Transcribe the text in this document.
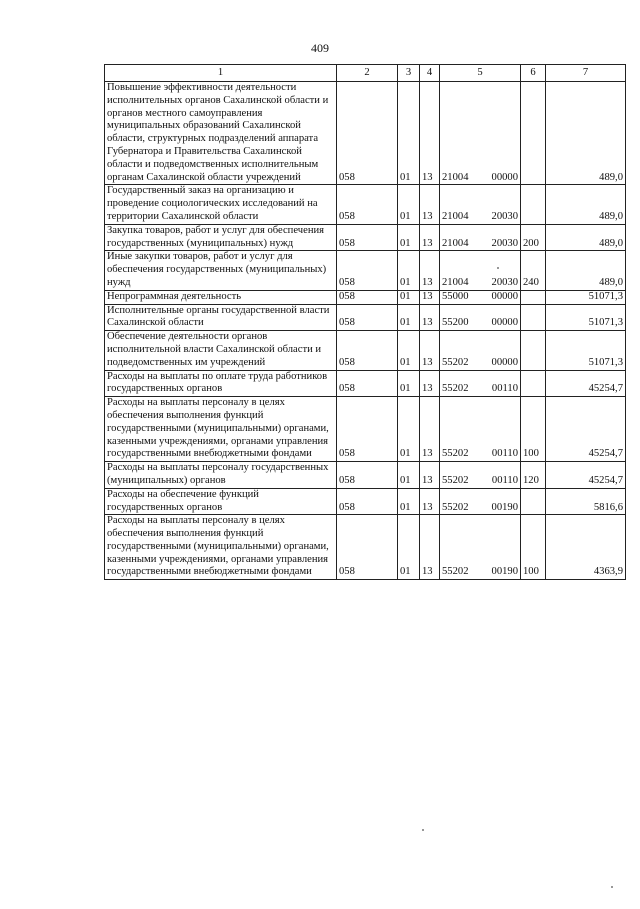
409
1	2	3	4	5	6	7
Повышение эффективности деятельности исполнительных органов Сахалинской области и органов местного самоуправления муниципальных образований Сахалинской области, структурных подразделений аппарата Губернатора и Правительства Сахалинской области и подведомственных исполнительным органам Сахалинской области учреждений	058	01	13	21004 00000		489,0
Государственный заказ на организацию и проведение социологических исследований на территории Сахалинской области	058	01	13	21004 20030		489,0
Закупка товаров, работ и услуг для обеспечения государственных (муниципальных) нужд	058	01	13	21004 20030	200	489,0
Иные закупки товаров, работ и услуг для обеспечения государственных (муниципальных) нужд	058	01	13	21004 20030	240	489,0
Непрограммная деятельность	058	01	13	55000 00000		51071,3
Исполнительные органы государственной власти Сахалинской области	058	01	13	55200 00000		51071,3
Обеспечение деятельности органов исполнительной власти Сахалинской области и подведомственных им учреждений	058	01	13	55202 00000		51071,3
Расходы на выплаты по оплате труда работников государственных органов	058	01	13	55202 00110		45254,7
Расходы на выплаты персоналу в целях обеспечения выполнения функций государственными (муниципальными) органами, казенными учреждениями, органами управления государственными внебюджетными фондами	058	01	13	55202 00110	100	45254,7
Расходы на выплаты персоналу государственных (муниципальных) органов	058	01	13	55202 00110	120	45254,7
Расходы на обеспечение функций государственных органов	058	01	13	55202 00190		5816,6
Расходы на выплаты персоналу в целях обеспечения выполнения функций государственными (муниципальными) органами, казенными учреждениями, органами управления государственными внебюджетными фондами	058	01	13	55202 00190	100	4363,9
